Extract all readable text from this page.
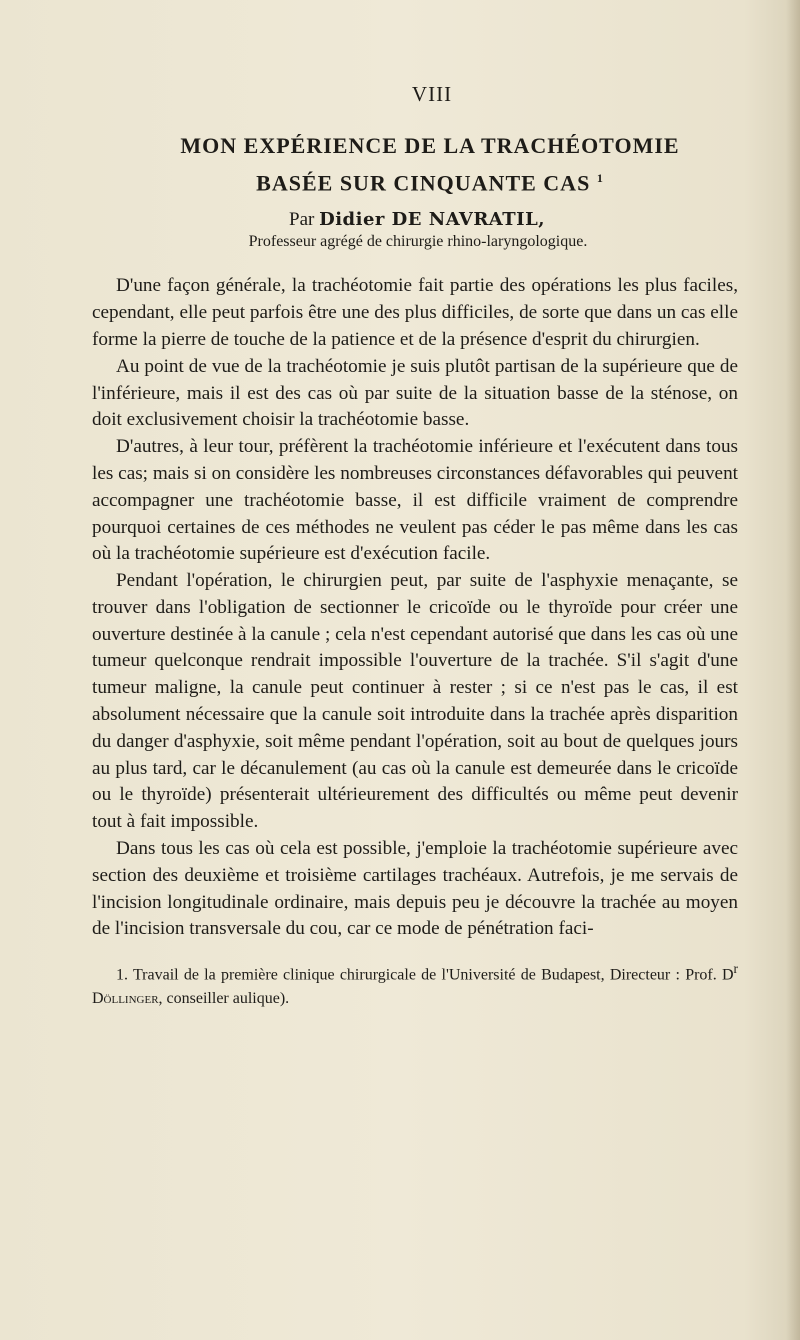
VIII
MON EXPÉRIENCE DE LA TRACHÉOTOMIE
BASÉE SUR CINQUANTE CAS $^1$
Par Didier DE NAVRATIL,
Professeur agrégé de chirurgie rhino-laryngologique.

D'une façon générale, la trachéotomie fait partie des opérations les plus faciles, cependant, elle peut parfois être une des plus difficiles, de sorte que dans un cas elle forme la pierre de touche de la patience et de la présence d'esprit du chirurgien.

Au point de vue de la trachéotomie je suis plutôt partisan de la supérieure que de l'inférieure, mais il est des cas où par suite de la situation basse de la sténose, on doit exclusivement choisir la trachéotomie basse.

D'autres, à leur tour, préfèrent la trachéotomie inférieure et l'exécutent dans tous les cas; mais si on considère les nombreuses circonstances défavorables qui peuvent accompagner une trachéotomie basse, il est difficile vraiment de comprendre pourquoi certaines de ces méthodes ne veulent pas céder le pas même dans les cas où la trachéotomie supérieure est d'exécution facile.

Pendant l'opération, le chirurgien peut, par suite de l'asphyxie menaçante, se trouver dans l'obligation de sectionner le cricoïde ou le thyroïde pour créer une ouverture destinée à la canule ; cela n'est cependant autorisé que dans les cas où une tumeur quelconque rendrait impossible l'ouverture de la trachée. S'il s'agit d'une tumeur maligne, la canule peut continuer à rester ; si ce n'est pas le cas, il est absolument nécessaire que la canule soit introduite dans la trachée après disparition du danger d'asphyxie, soit même pendant l'opération, soit au bout de quelques jours au plus tard, car le décanulement (au cas où la canule est demeurée dans le cricoïde ou le thyroïde) présenterait ultérieurement des difficultés ou même peut devenir tout à fait impossible.

Dans tous les cas où cela est possible, j'emploie la trachéotomie supérieure avec section des deuxième et troisième cartilages trachéaux. Autrefois, je me servais de l'incision longitudinale ordinaire, mais depuis peu je découvre la trachée au moyen de l'incision transversale du cou, car ce mode de pénétration faci-

1. Travail de la première clinique chirurgicale de l'Université de Budapest, Directeur : Prof. $D^r$ Döllinger, conseiller aulique).
